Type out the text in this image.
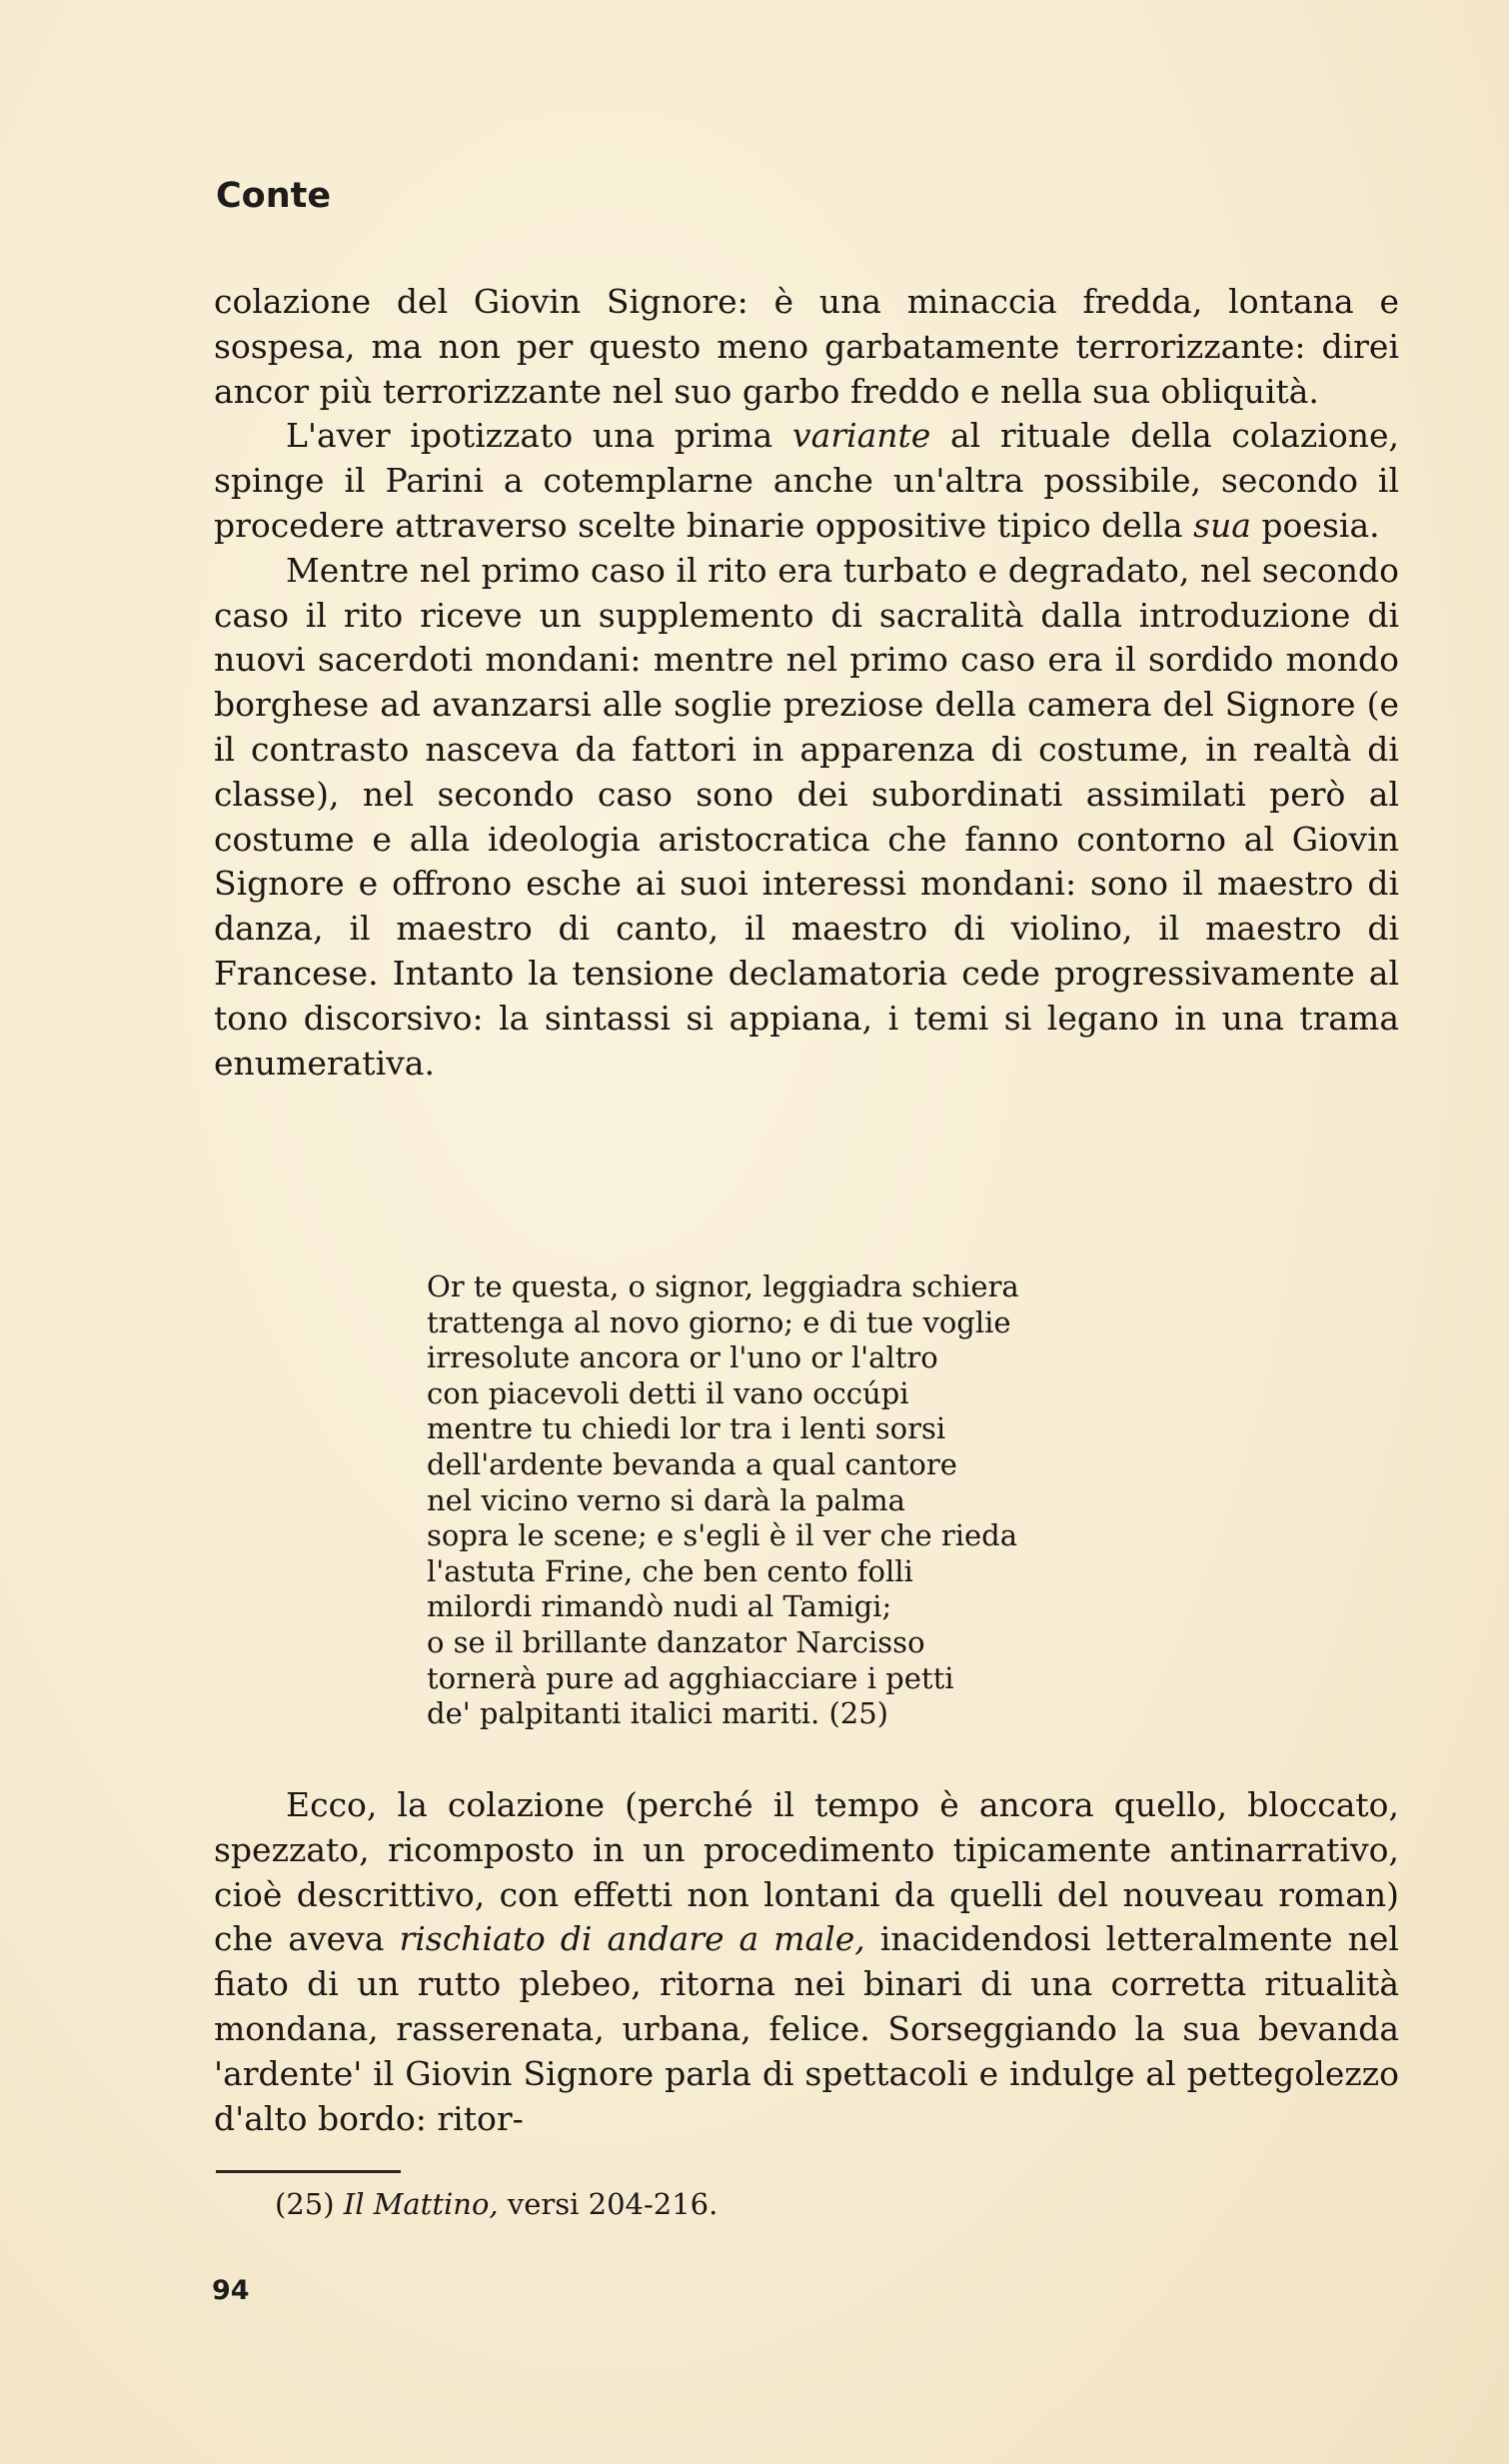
Conte

colazione del Giovin Signore: è una minaccia fredda, lontana e sospesa, ma non per questo meno garbatamente terrorizzante: direi ancor più terrorizzante nel suo garbo freddo e nella sua obliquità.

L'aver ipotizzato una prima variante al rituale della colazione, spinge il Parini a cotemplarne anche un'altra possibile, secondo il procedere attraverso scelte binarie oppositive tipico della sua poesia.

Mentre nel primo caso il rito era turbato e degradato, nel secondo caso il rito riceve un supplemento di sacralità dalla introduzione di nuovi sacerdoti mondani: mentre nel primo caso era il sordido mondo borghese ad avanzarsi alle soglie preziose della camera del Signore (e il contrasto nasceva da fattori in apparenza di costume, in realtà di classe), nel secondo caso sono dei subordinati assimilati però al costume e alla ideologia aristocratica che fanno contorno al Giovin Signore e offrono esche ai suoi interessi mondani: sono il maestro di danza, il maestro di canto, il maestro di violino, il maestro di Francese. Intanto la tensione declamatoria cede progressivamente al tono discorsivo: la sintassi si appiana, i temi si legano in una trama enumerativa.

Or te questa, o signor, leggiadra schiera
trattenga al novo giorno; e di tue voglie
irresolute ancora or l'uno or l'altro
con piacevoli detti il vano occúpi
mentre tu chiedi lor tra i lenti sorsi
dell'ardente bevanda a qual cantore
nel vicino verno si darà la palma
sopra le scene; e s'egli è il ver che rieda
l'astuta Frine, che ben cento folli
milordi rimandò nudi al Tamigi;
o se il brillante danzator Narcisso
tornerà pure ad agghiacciare i petti
de' palpitanti italici mariti. (25)

Ecco, la colazione (perché il tempo è ancora quello, bloccato, spezzato, ricomposto in un procedimento tipicamente antinarrativo, cioè descrittivo, con effetti non lontani da quelli del nouveau roman) che aveva rischiato di andare a male, inacidendosi letteralmente nel fiato di un rutto plebeo, ritorna nei binari di una corretta ritualità mondana, rasserenata, urbana, felice. Sorseggiando la sua bevanda 'ardente' il Giovin Signore parla di spettacoli e indulge al pettegolezzo d'alto bordo: ritor-

(25) Il Mattino, versi 204-216.
94
